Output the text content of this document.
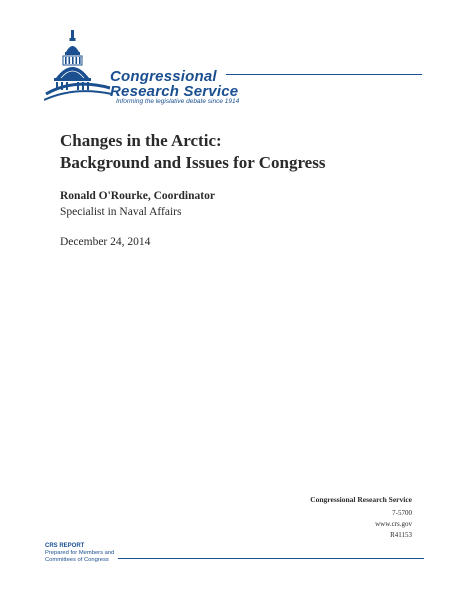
Congressional
Research Service
Informing the legislative debate since 1914
Changes in the Arctic:
Background and Issues for Congress
Ronald O'Rourke, Coordinator
Specialist in Naval Affairs
December 24, 2014
Congressional Research Service
7-5700
www.crs.gov
R41153
CRS REPORT
Prepared for Members and
Committees of Congress
